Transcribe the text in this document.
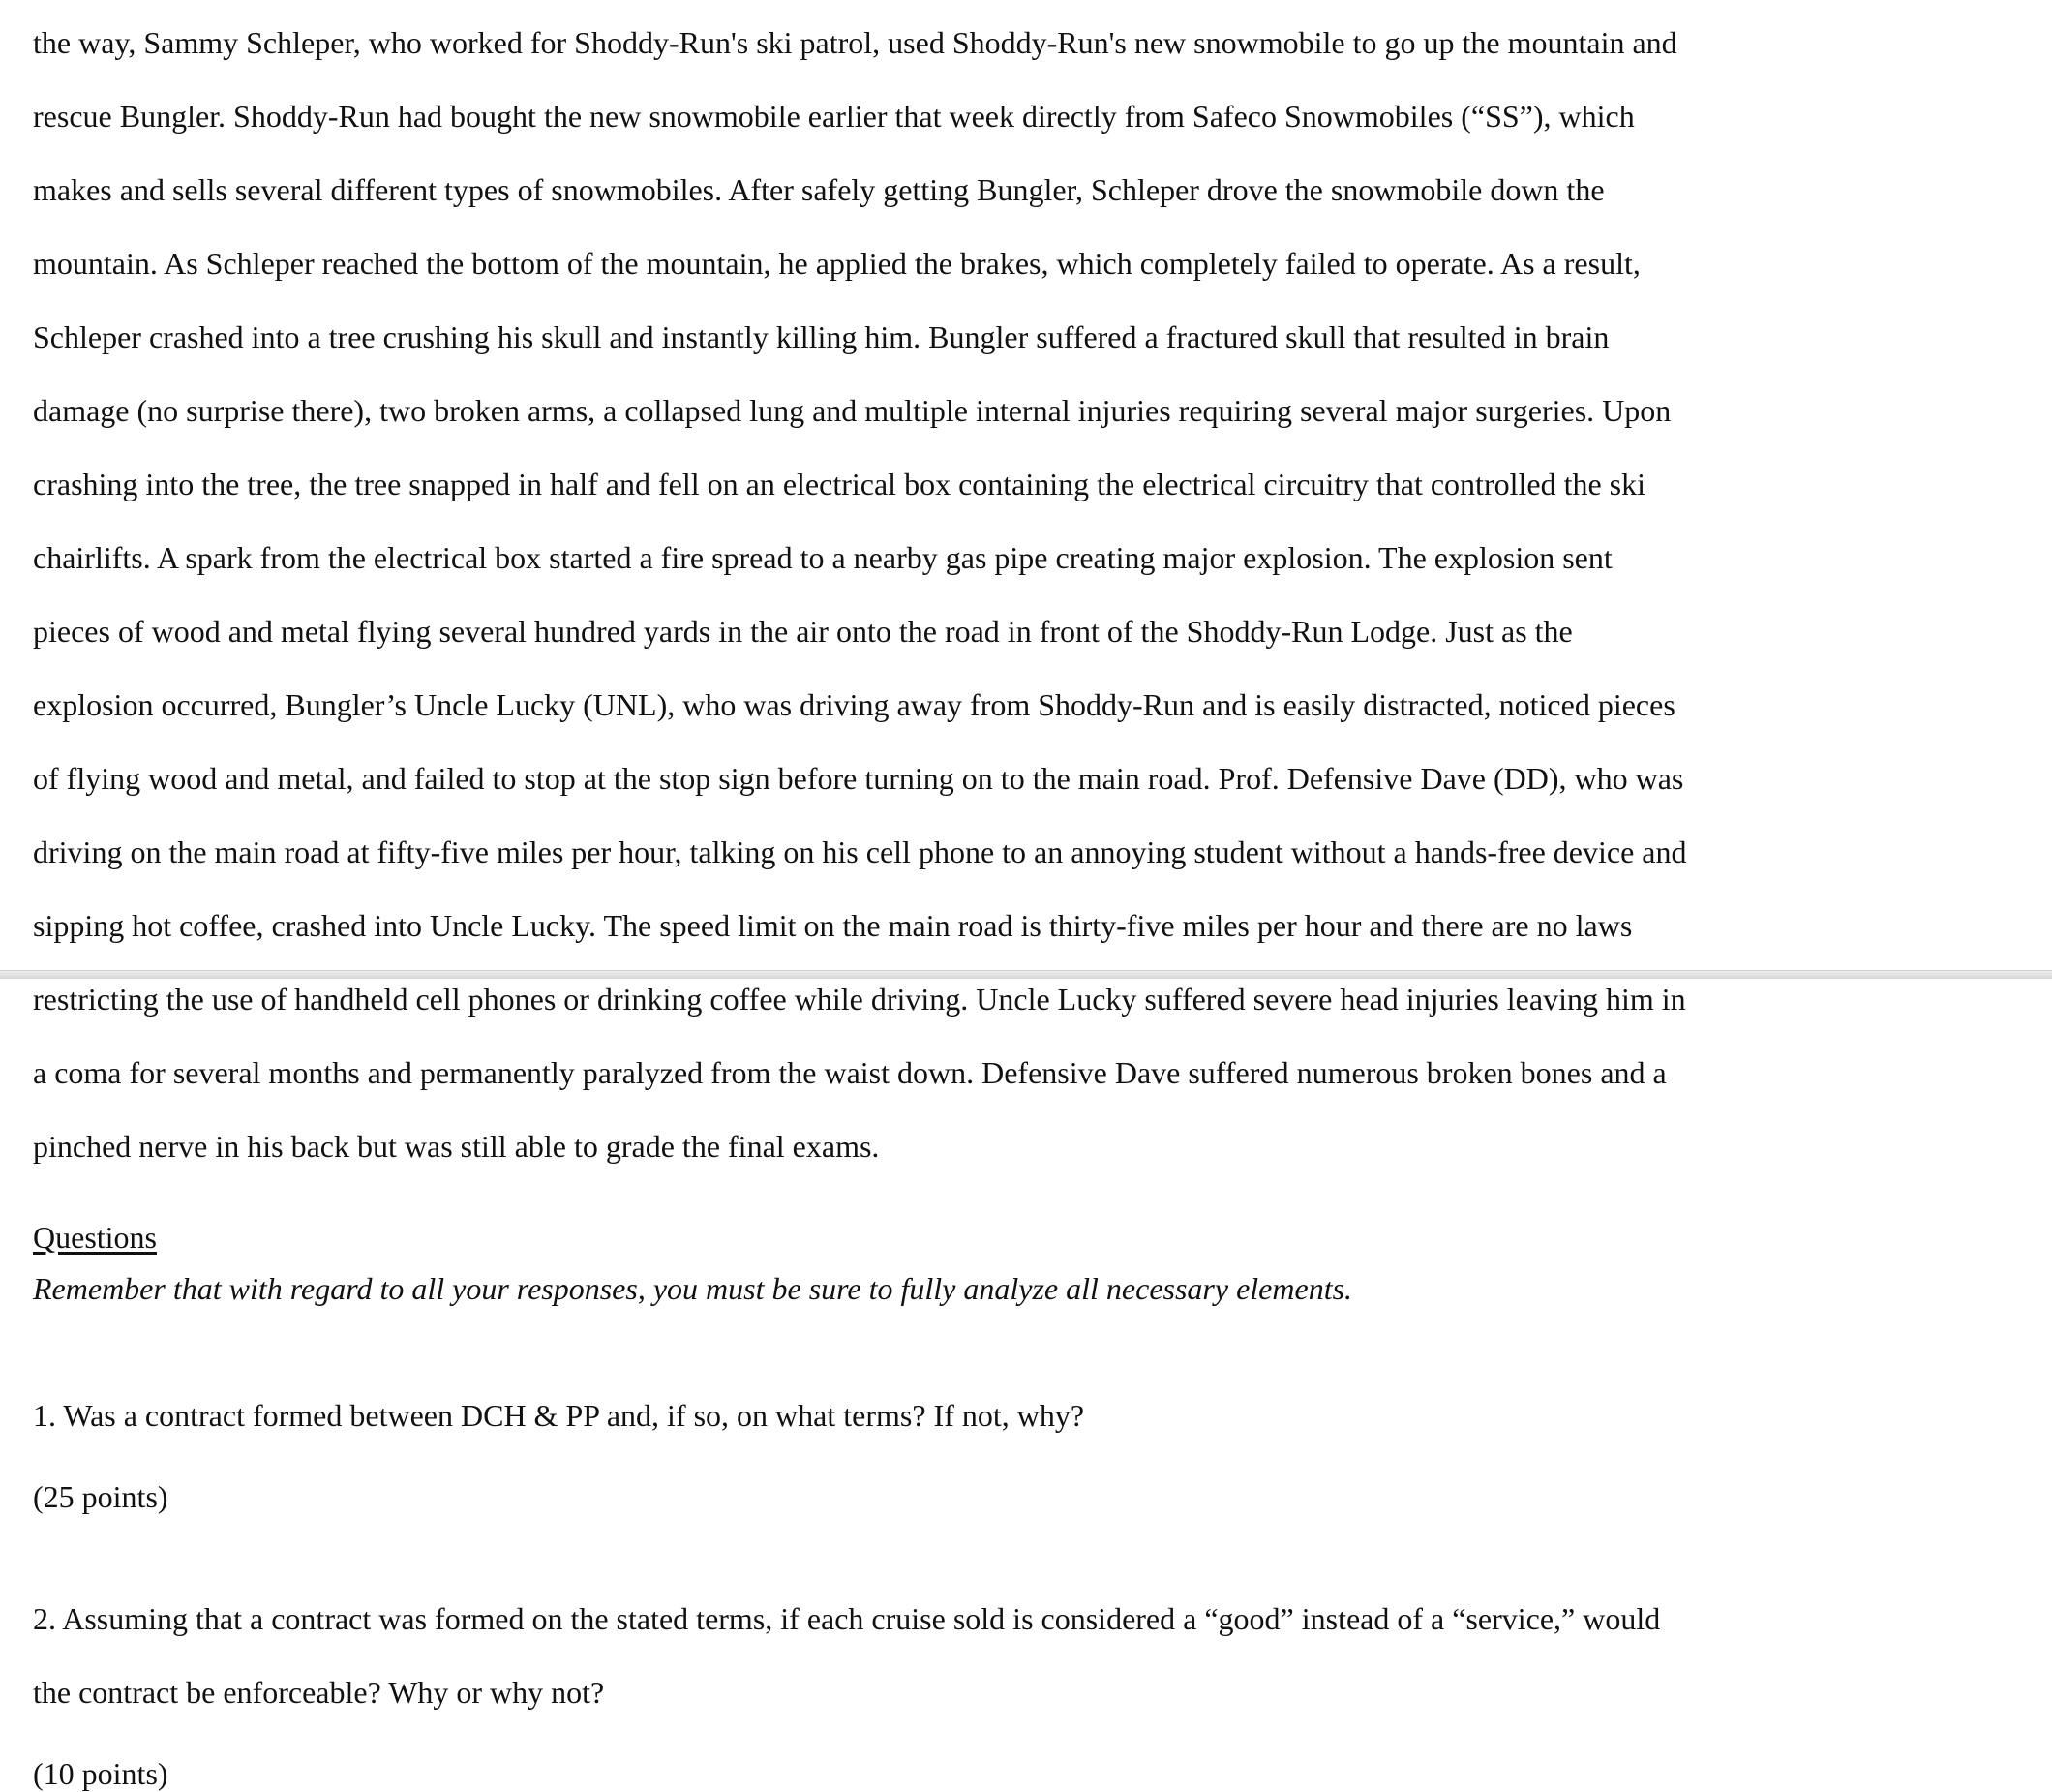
the way, Sammy Schleper, who worked for Shoddy-Run's ski patrol, used Shoddy-Run's new snowmobile to go up the mountain and

rescue Bungler. Shoddy-Run had bought the new snowmobile earlier that week directly from Safeco Snowmobiles (“SS”), which

makes and sells several different types of snowmobiles. After safely getting Bungler, Schleper drove the snowmobile down the

mountain. As Schleper reached the bottom of the mountain, he applied the brakes, which completely failed to operate. As a result,

Schleper crashed into a tree crushing his skull and instantly killing him. Bungler suffered a fractured skull that resulted in brain

damage (no surprise there), two broken arms, a collapsed lung and multiple internal injuries requiring several major surgeries. Upon

crashing into the tree, the tree snapped in half and fell on an electrical box containing the electrical circuitry that controlled the ski

chairlifts. A spark from the electrical box started a fire spread to a nearby gas pipe creating major explosion. The explosion sent

pieces of wood and metal flying several hundred yards in the air onto the road in front of the Shoddy-Run Lodge. Just as the

explosion occurred, Bungler’s Uncle Lucky (UNL), who was driving away from Shoddy-Run and is easily distracted, noticed pieces

of flying wood and metal, and failed to stop at the stop sign before turning on to the main road. Prof. Defensive Dave (DD), who was

driving on the main road at fifty-five miles per hour, talking on his cell phone to an annoying student without a hands-free device and

sipping hot coffee, crashed into Uncle Lucky. The speed limit on the main road is thirty-five miles per hour and there are no laws

restricting the use of handheld cell phones or drinking coffee while driving. Uncle Lucky suffered severe head injuries leaving him in

a coma for several months and permanently paralyzed from the waist down. Defensive Dave suffered numerous broken bones and a

pinched nerve in his back but was still able to grade the final exams.

Questions
Remember that with regard to all your responses, you must be sure to fully analyze all necessary elements.

1. Was a contract formed between DCH & PP and, if so, on what terms? If not, why?

(25 points)

2. Assuming that a contract was formed on the stated terms, if each cruise sold is considered a “good” instead of a “service,” would

the contract be enforceable? Why or why not?

(10 points)
